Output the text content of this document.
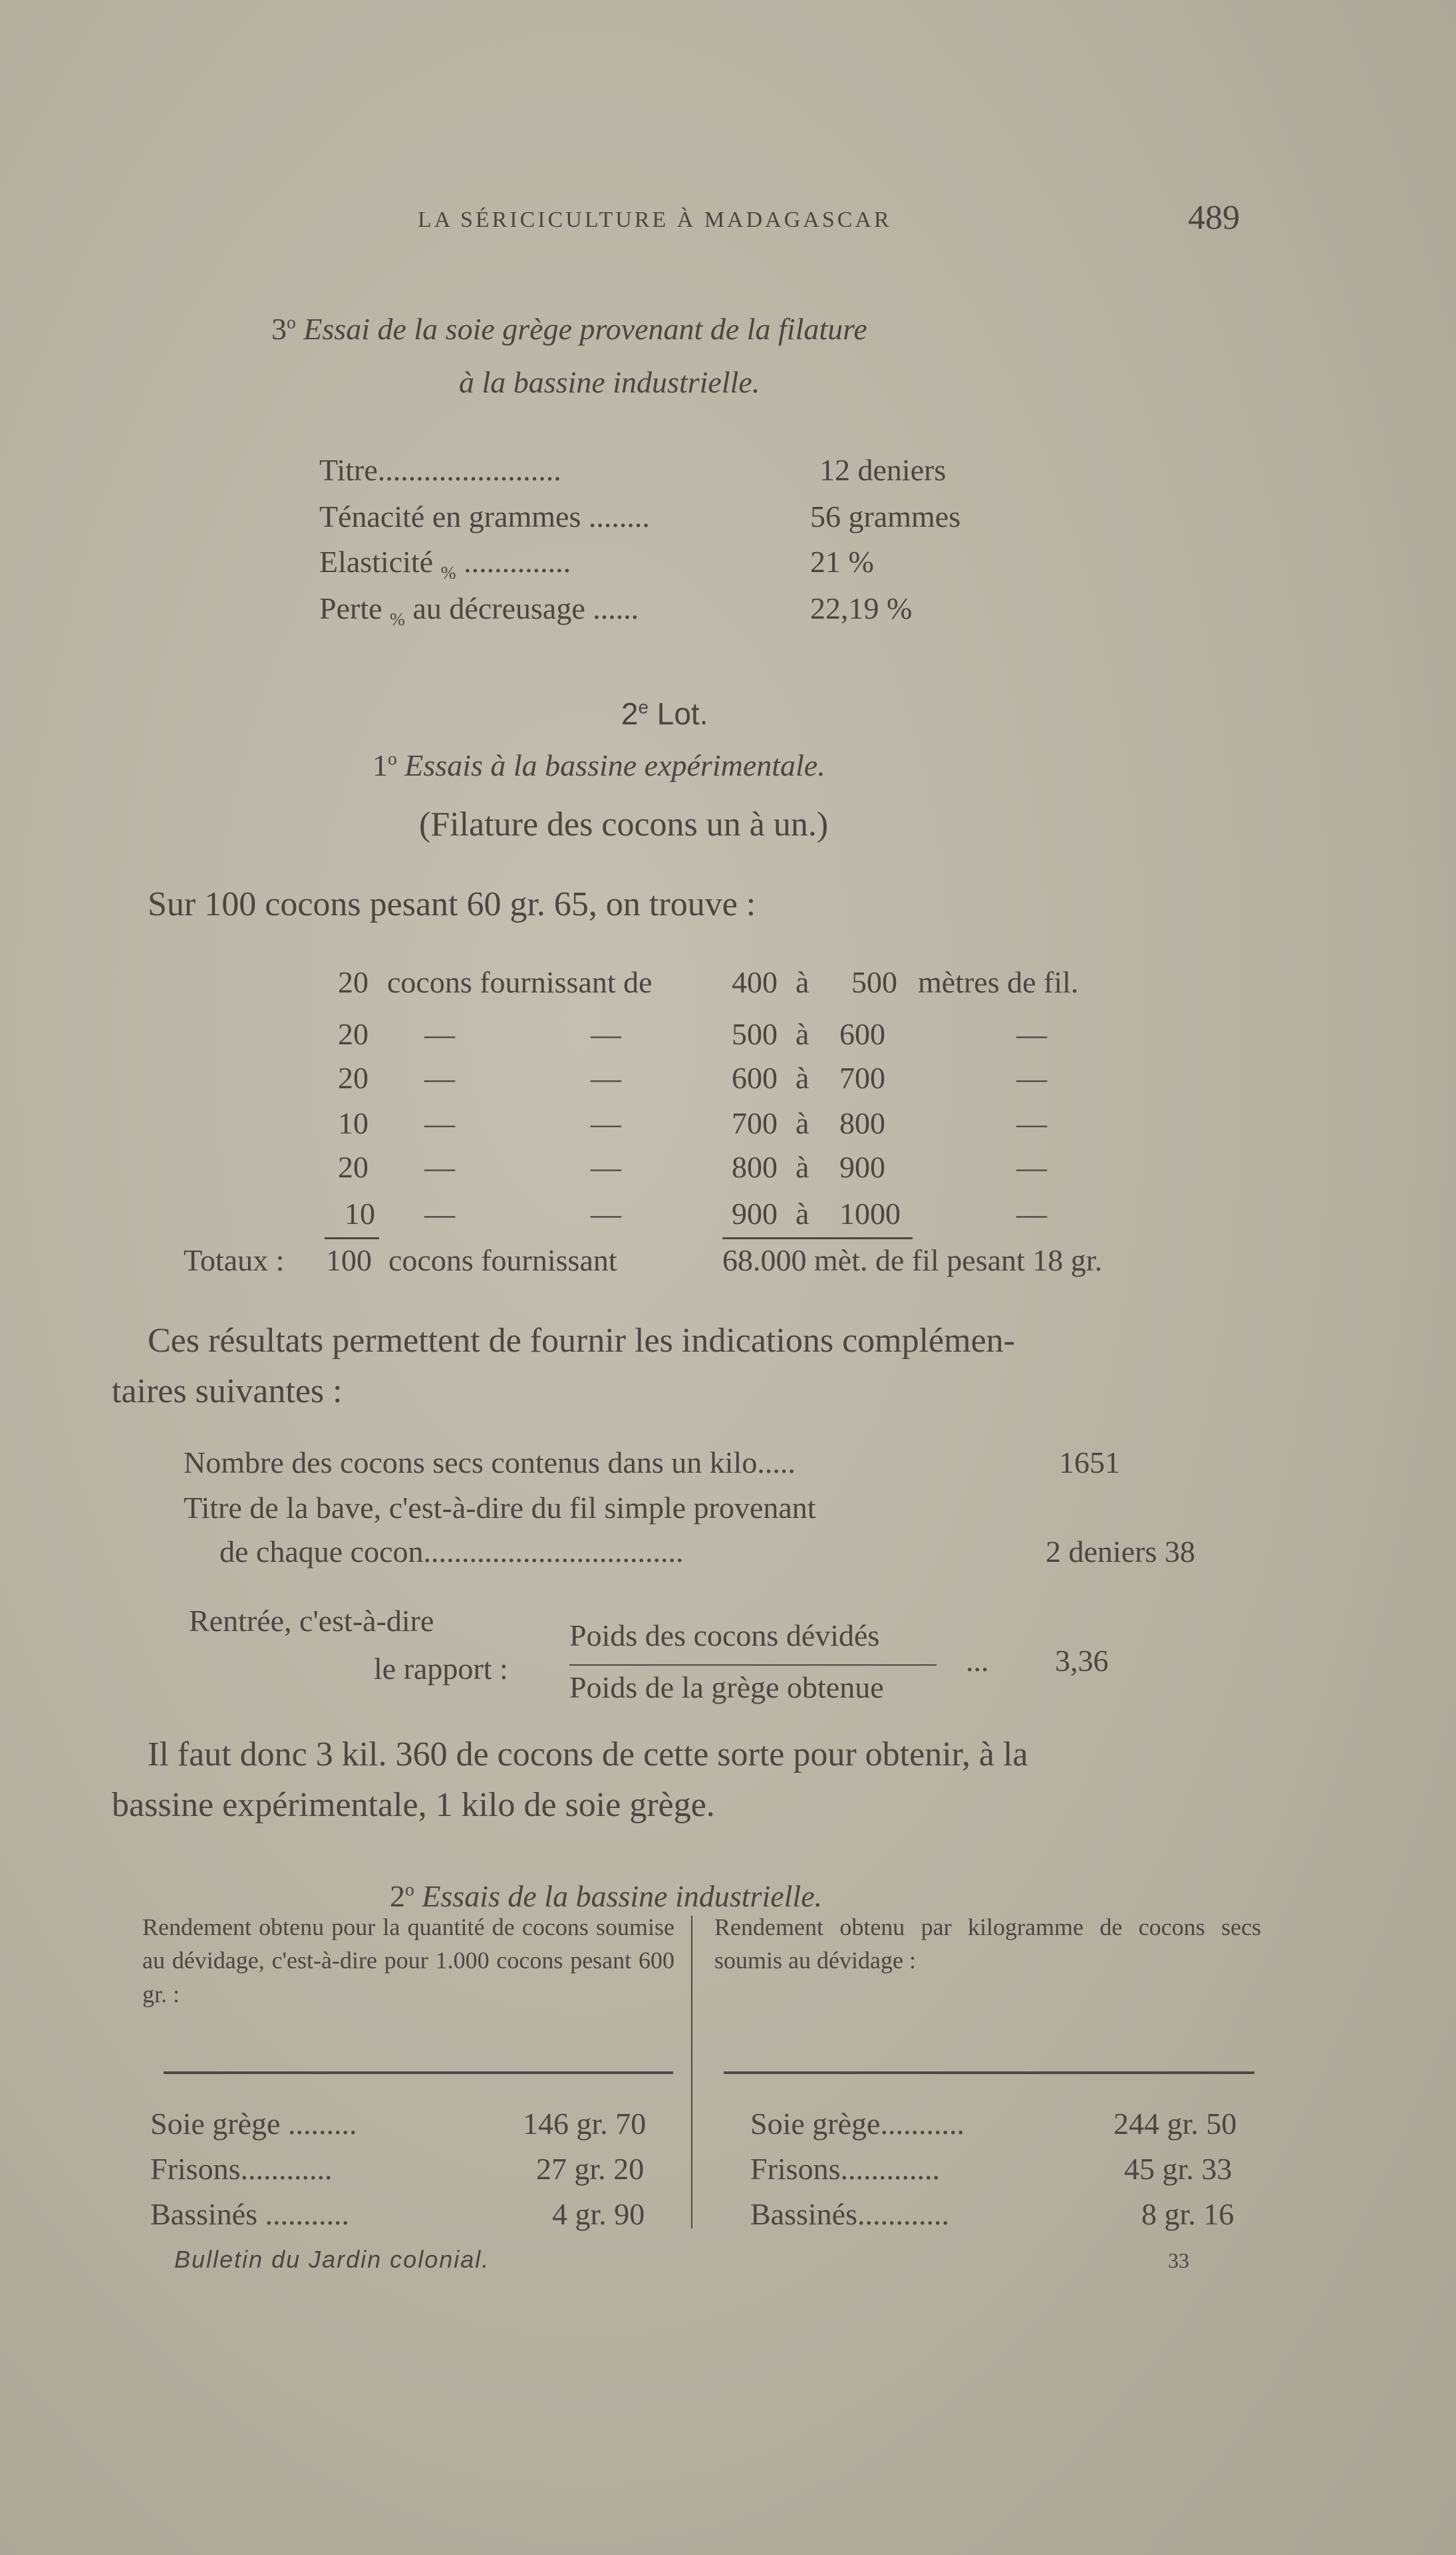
LA SÉRICICULTURE À MADAGASCAR	489
3$^o$ Essai de la soie grège provenant de la filature
à la bassine industrielle.
Titre........................	12 deniers
Ténacité en grammes ........	56 grammes
Elasticité $_{\%}$ ..............	21 %
Perte $_{\%}$ au décreusage ......	22,19 %
2e Lot.
1$^o$ Essais à la bassine expérimentale.
(Filature des cocons un à un.)
Sur 100 cocons pesant 60 gr. 65, on trouve :
20 cocons fournissant de	400 à 500 mètres de fil.
20 —	—	500 à 600	—
20 —	—	600 à 700	—
10 —	—	700 à 800	—
20 —	—	800 à 900	—
10 —	—	900 à 1000	—
Totaux : 100 cocons fournissant	68.000 mèt. de fil pesant 18 gr.
Ces résultats permettent de fournir les indications complémen-
taires suivantes :
Nombre des cocons secs contenus dans un kilo.....	1651
Titre de la bave, c'est-à-dire du fil simple provenant
de chaque cocon..................................	2 deniers 38
Rentrée, c'est-à-dire
le rapport :
Poids des cocons dévidés
Poids de la grège obtenue
... 3,36
Il faut donc 3 kil. 360 de cocons de cette sorte pour obtenir, à la
bassine expérimentale, 1 kilo de soie grège.
2$^o$ Essais de la bassine industrielle.
Rendement obtenu pour la quantité de cocons soumise au dévidage, c'est-à-dire pour 1.000 cocons pesant 600 gr. :
Rendement obtenu par kilogramme de cocons secs soumis au dévidage :
Soie grège .........	146 gr. 70
Frisons............	27 gr. 20
Bassinés ...........	4 gr. 90
Soie grège...........	244 gr. 50
Frisons.............	45 gr. 33
Bassinés............	8 gr. 16
Bulletin du Jardin colonial.	33
